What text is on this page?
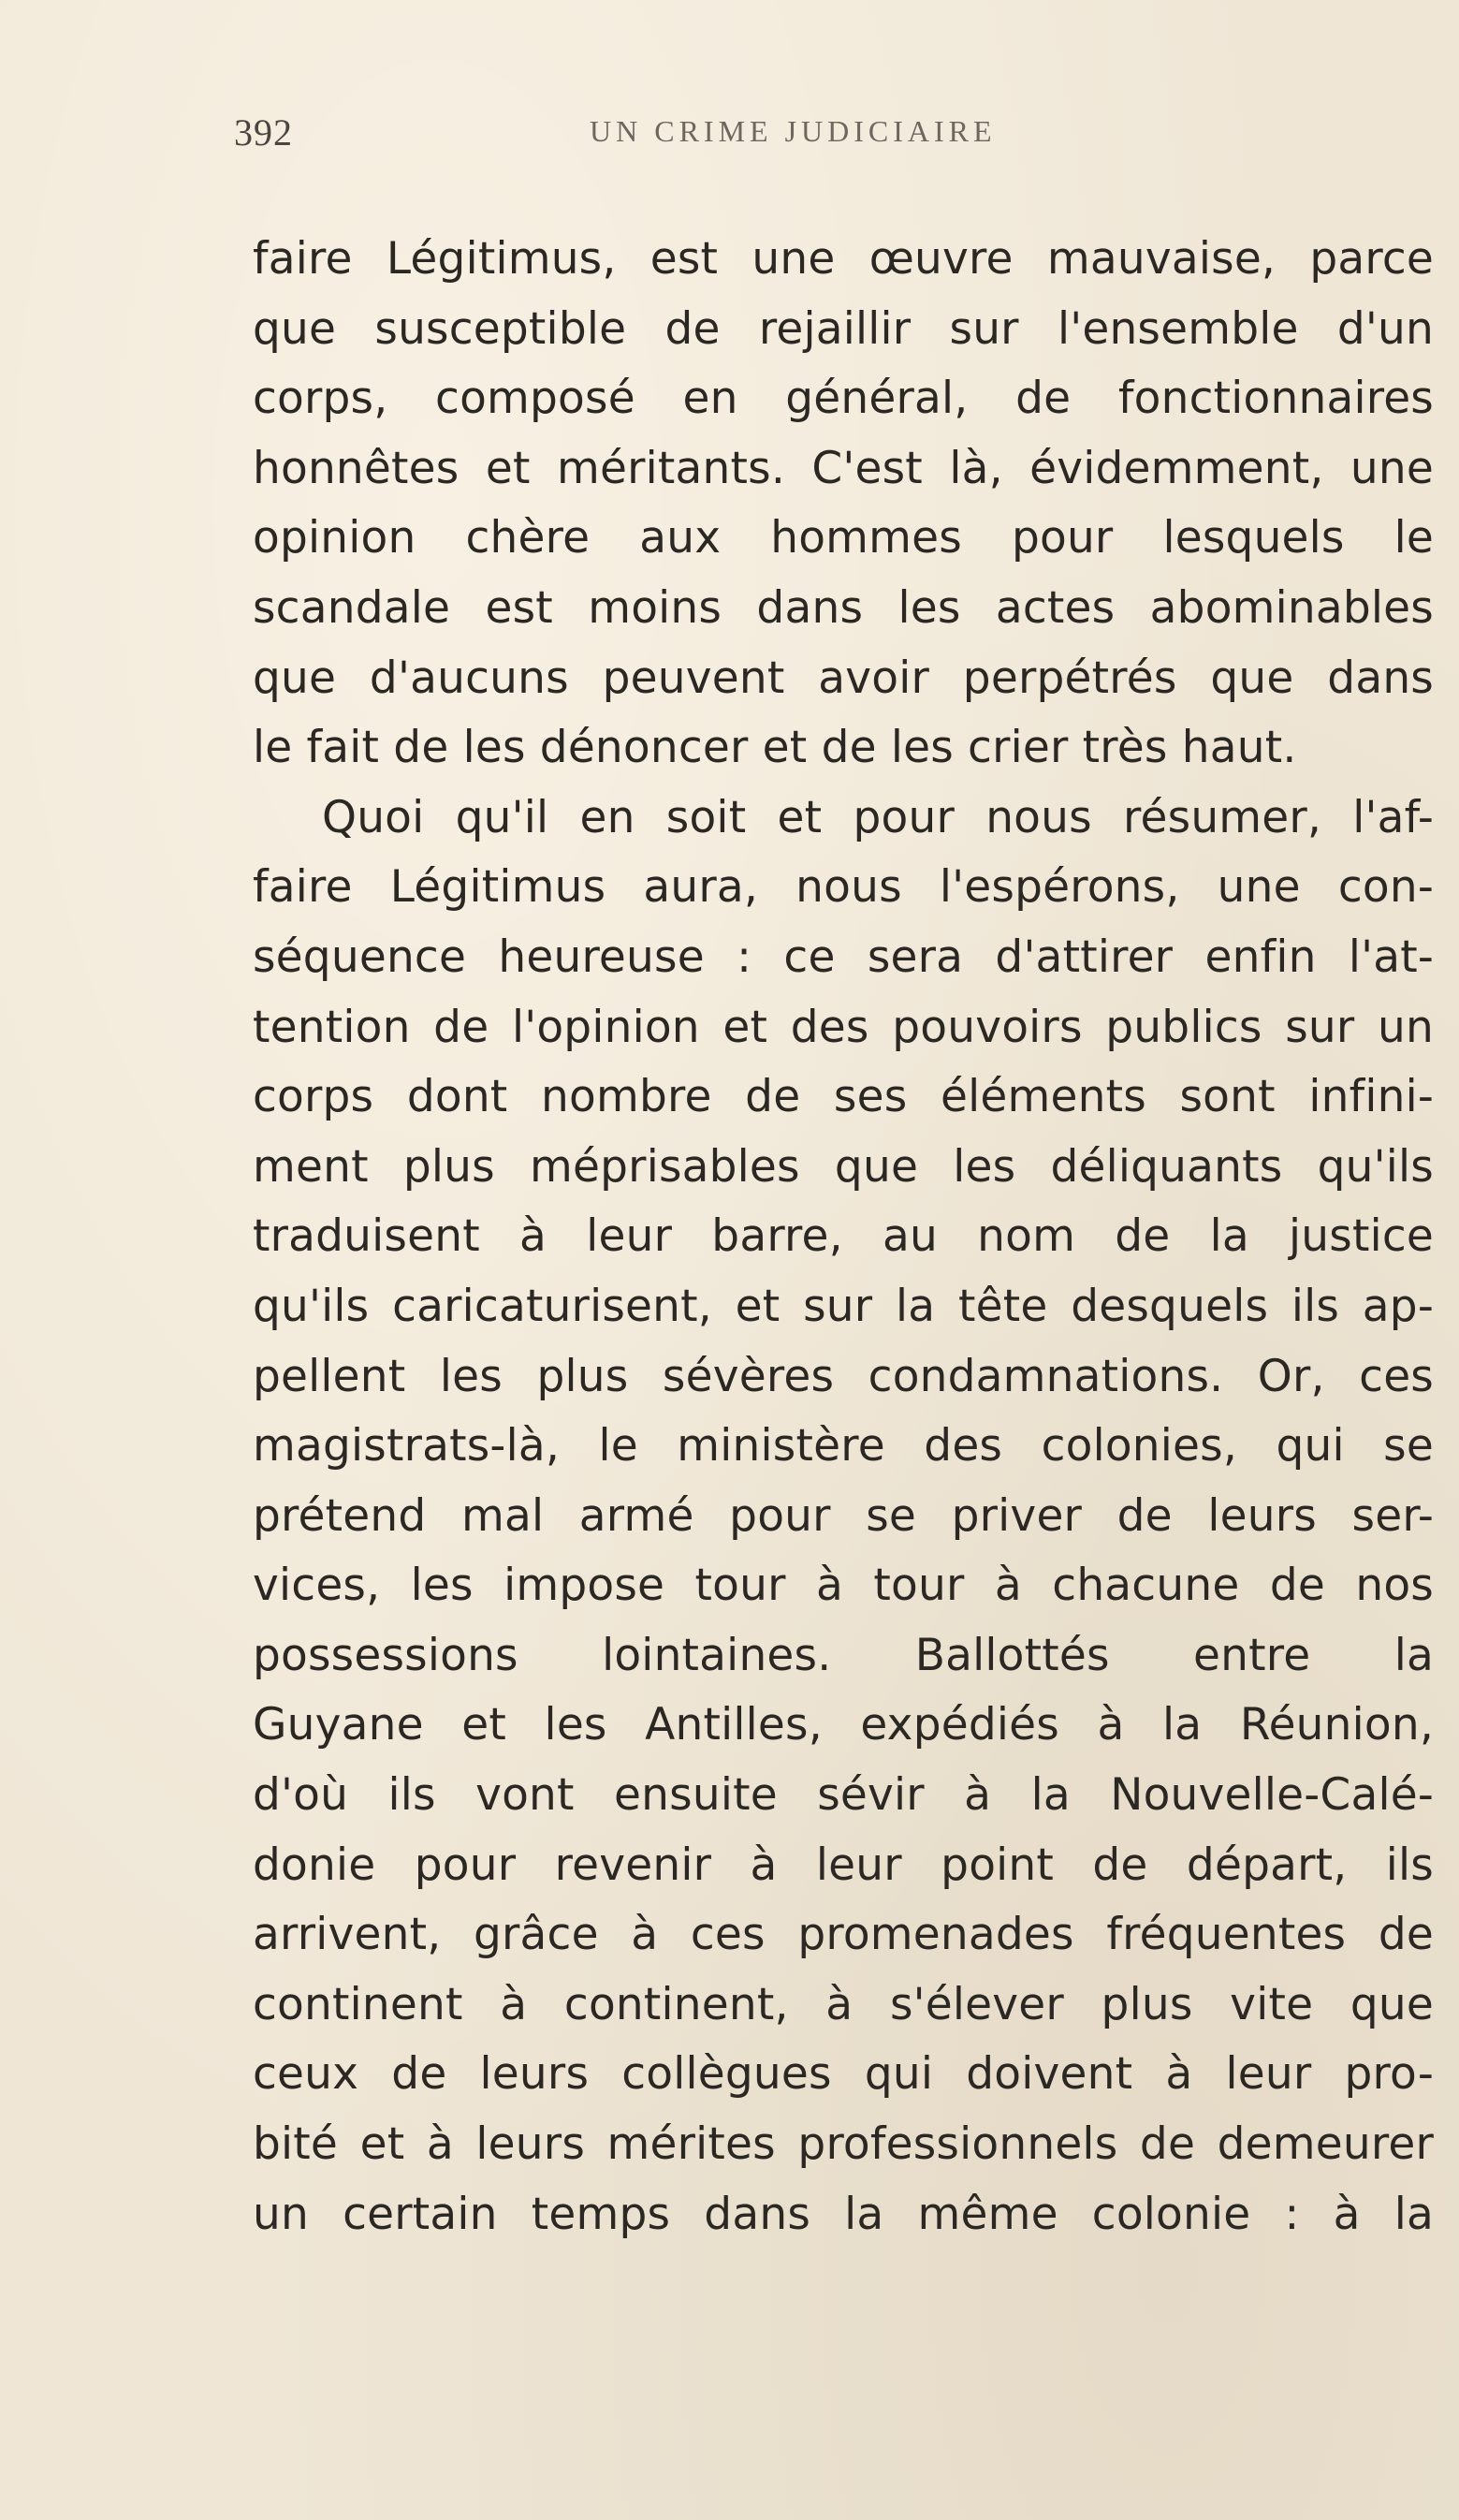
392	UN CRIME JUDICIAIRE
faire Légitimus, est une œuvre mauvaise, parce
que susceptible de rejaillir sur l'ensemble d'un
corps, composé en général, de fonctionnaires
honnêtes et méritants. C'est là, évidemment, une
opinion chère aux hommes pour lesquels le
scandale est moins dans les actes abominables
que d'aucuns peuvent avoir perpétrés que dans
le fait de les dénoncer et de les crier très haut.
Quoi qu'il en soit et pour nous résumer, l'af-
faire Légitimus aura, nous l'espérons, une con-
séquence heureuse : ce sera d'attirer enfin l'at-
tention de l'opinion et des pouvoirs publics sur un
corps dont nombre de ses éléments sont infini-
ment plus méprisables que les déliquants qu'ils
traduisent à leur barre, au nom de la justice
qu'ils caricaturisent, et sur la tête desquels ils ap-
pellent les plus sévères condamnations. Or, ces
magistrats-là, le ministère des colonies, qui se
prétend mal armé pour se priver de leurs ser-
vices, les impose tour à tour à chacune de nos
possessions lointaines. Ballottés entre la
Guyane et les Antilles, expédiés à la Réunion,
d'où ils vont ensuite sévir à la Nouvelle-Calé-
donie pour revenir à leur point de départ, ils
arrivent, grâce à ces promenades fréquentes de
continent à continent, à s'élever plus vite que
ceux de leurs collègues qui doivent à leur pro-
bité et à leurs mérites professionnels de demeurer
un certain temps dans la même colonie : à la
